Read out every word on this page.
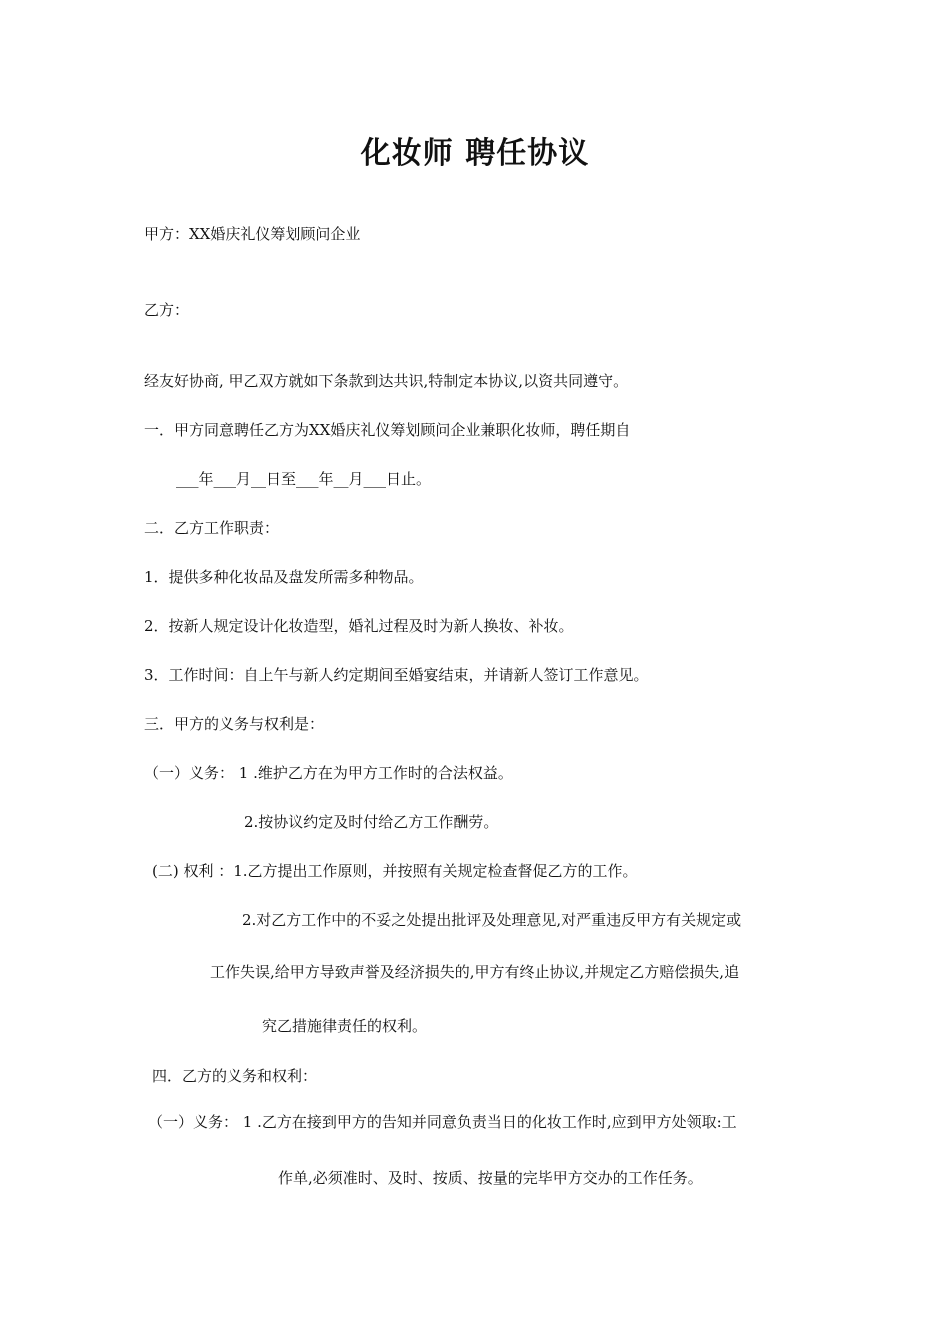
化妆师 聘任协议
甲方：XX婚庆礼仪筹划顾问企业
乙方：
经友好协商, 甲乙双方就如下条款到达共识,特制定本协议,以资共同遵守。
一．甲方同意聘任乙方为XX婚庆礼仪筹划顾问企业兼职化妆师，聘任期自
___年___月__日至___年__月___日止。
二．乙方工作职责：
1．提供多种化妆品及盘发所需多种物品。
2．按新人规定设计化妆造型，婚礼过程及时为新人换妆、补妆。
3．工作时间：自上午与新人约定期间至婚宴结束，并请新人签订工作意见。
三．甲方的义务与权利是：
（一）义务： 1 .维护乙方在为甲方工作时的合法权益。
2.按协议约定及时付给乙方工作酬劳。
(二) 权利 ：1.乙方提出工作原则，并按照有关规定检查督促乙方的工作。
2.对乙方工作中的不妥之处提出批评及处理意见,对严重违反甲方有关规定或
工作失误,给甲方导致声誉及经济损失的,甲方有终止协议,并规定乙方赔偿损失,追
究乙措施律责任的权利。
四．乙方的义务和权利：
（一）义务： 1 .乙方在接到甲方的告知并同意负责当日的化妆工作时,应到甲方处领取:工
作单,必须准时、及时、按质、按量的完毕甲方交办的工作任务。
